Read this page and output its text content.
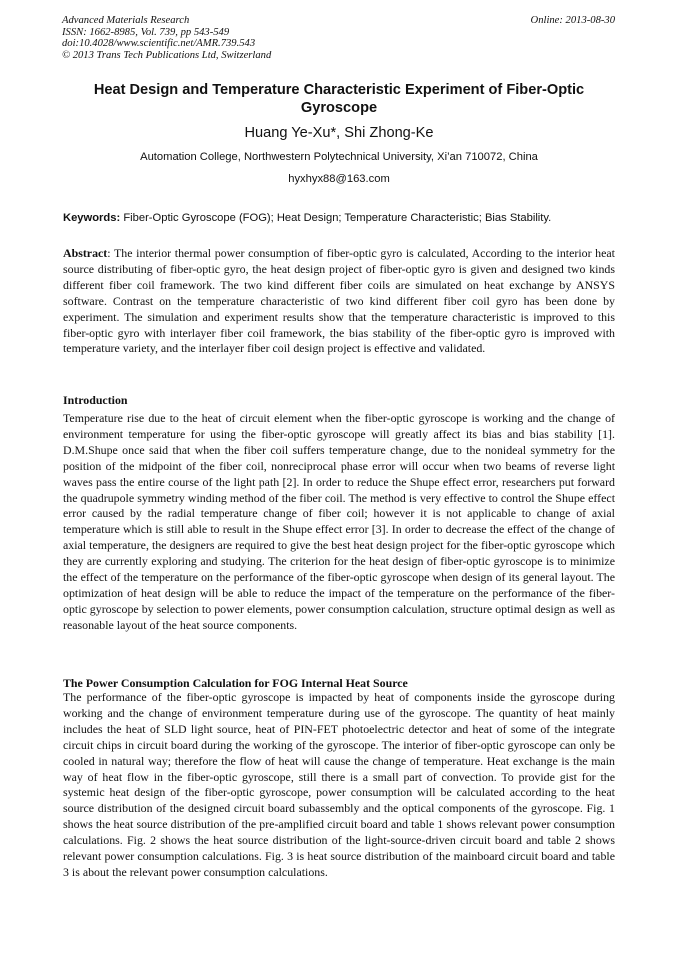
Advanced Materials Research
ISSN: 1662-8985, Vol. 739, pp 543-549
doi:10.4028/www.scientific.net/AMR.739.543
© 2013 Trans Tech Publications Ltd, Switzerland
Online: 2013-08-30
Heat Design and Temperature Characteristic Experiment of Fiber-Optic Gyroscope
Huang Ye-Xu*, Shi Zhong-Ke
Automation College, Northwestern Polytechnical University, Xi’an 710072, China
hyxhyx88@163.com
Keywords: Fiber-Optic Gyroscope (FOG); Heat Design; Temperature Characteristic; Bias Stability.
Abstract: The interior thermal power consumption of fiber-optic gyro is calculated, According to the interior heat source distributing of fiber-optic gyro, the heat design project of fiber-optic gyro is given and designed two kinds different fiber coil framework. The two kind different fiber coils are simulated on heat exchange by ANSYS software. Contrast on the temperature characteristic of two kind different fiber coil gyro has been done by experiment. The simulation and experiment results show that the temperature characteristic is improved to this fiber-optic gyro with interlayer fiber coil framework, the bias stability of the fiber-optic gyro is improved with temperature variety, and the interlayer fiber coil design project is effective and validated.
Introduction
Temperature rise due to the heat of circuit element when the fiber-optic gyroscope is working and the change of environment temperature for using the fiber-optic gyroscope will greatly affect its bias and bias stability [1]. D.M.Shupe once said that when the fiber coil suffers temperature change, due to the nonideal symmetry for the position of the midpoint of the fiber coil, nonreciprocal phase error will occur when two beams of reverse light waves pass the entire course of the light path [2]. In order to reduce the Shupe effect error, researchers put forward the quadrupole symmetry winding method of the fiber coil. The method is very effective to control the Shupe effect error caused by the radial temperature change of fiber coil; however it is not applicable to change of axial temperature which is still able to result in the Shupe effect error [3]. In order to decrease the effect of the change of axial temperature, the designers are required to give the best heat design project for the fiber-optic gyroscope which they are currently exploring and studying. The criterion for the heat design of fiber-optic gyroscope is to minimize the effect of the temperature on the performance of the fiber-optic gyroscope when design of its general layout. The optimization of heat design will be able to reduce the impact of the temperature on the performance of the fiber-optic gyroscope by selection to power elements, power consumption calculation, structure optimal design as well as reasonable layout of the heat source components.
The Power Consumption Calculation for FOG Internal Heat Source
The performance of the fiber-optic gyroscope is impacted by heat of components inside the gyroscope during working and the change of environment temperature during use of the gyroscope. The quantity of heat mainly includes the heat of SLD light source, heat of PIN-FET photoelectric detector and heat of some of the integrate circuit chips in circuit board during the working of the gyroscope. The interior of fiber-optic gyroscope can only be cooled in natural way; therefore the flow of heat will cause the change of temperature. Heat exchange is the main way of heat flow in the fiber-optic gyroscope, still there is a small part of convection. To provide gist for the systemic heat design of the fiber-optic gyroscope, power consumption will be calculated according to the heat source distribution of the designed circuit board subassembly and the optical components of the gyroscope. Fig. 1 shows the heat source distribution of the pre-amplified circuit board and table 1 shows relevant power consumption calculations. Fig. 2 shows the heat source distribution of the light-source-driven circuit board and table 2 shows relevant power consumption calculations. Fig. 3 is heat source distribution of the mainboard circuit board and table 3 is about the relevant power consumption calculations.
